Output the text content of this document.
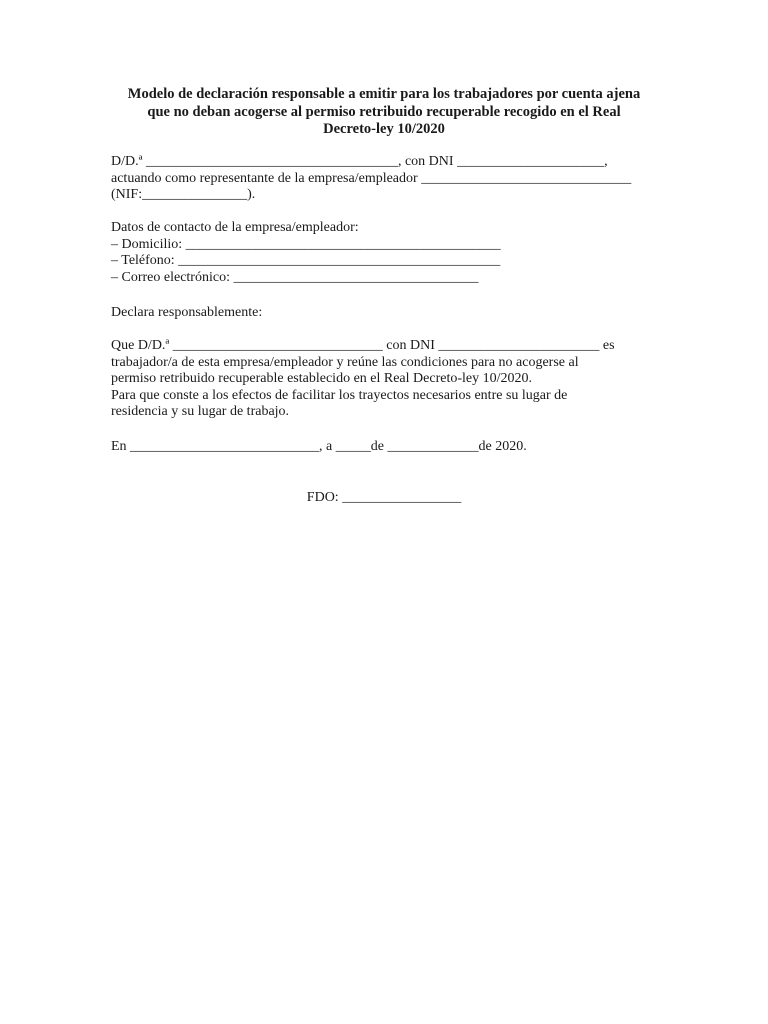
Modelo de declaración responsable a emitir para los trabajadores por cuenta ajena
que no deban acogerse al permiso retribuido recuperable recogido en el Real
Decreto-ley 10/2020
D/D.ª ____________________________________, con DNI _____________________,
actuando como representante de la empresa/empleador ______________________________
(NIF:_______________).
Datos de contacto de la empresa/empleador:
– Domicilio: _____________________________________________
– Teléfono: ______________________________________________
– Correo electrónico: ___________________________________
Declara responsablemente:
Que D/D.ª ______________________________ con DNI _______________________ es
trabajador/a de esta empresa/empleador y reúne las condiciones para no acogerse al
permiso retribuido recuperable establecido en el Real Decreto-ley 10/2020.
Para que conste a los efectos de facilitar los trayectos necesarios entre su lugar de
residencia y su lugar de trabajo.
En ___________________________, a _____de _____________de 2020.
FDO: _________________
